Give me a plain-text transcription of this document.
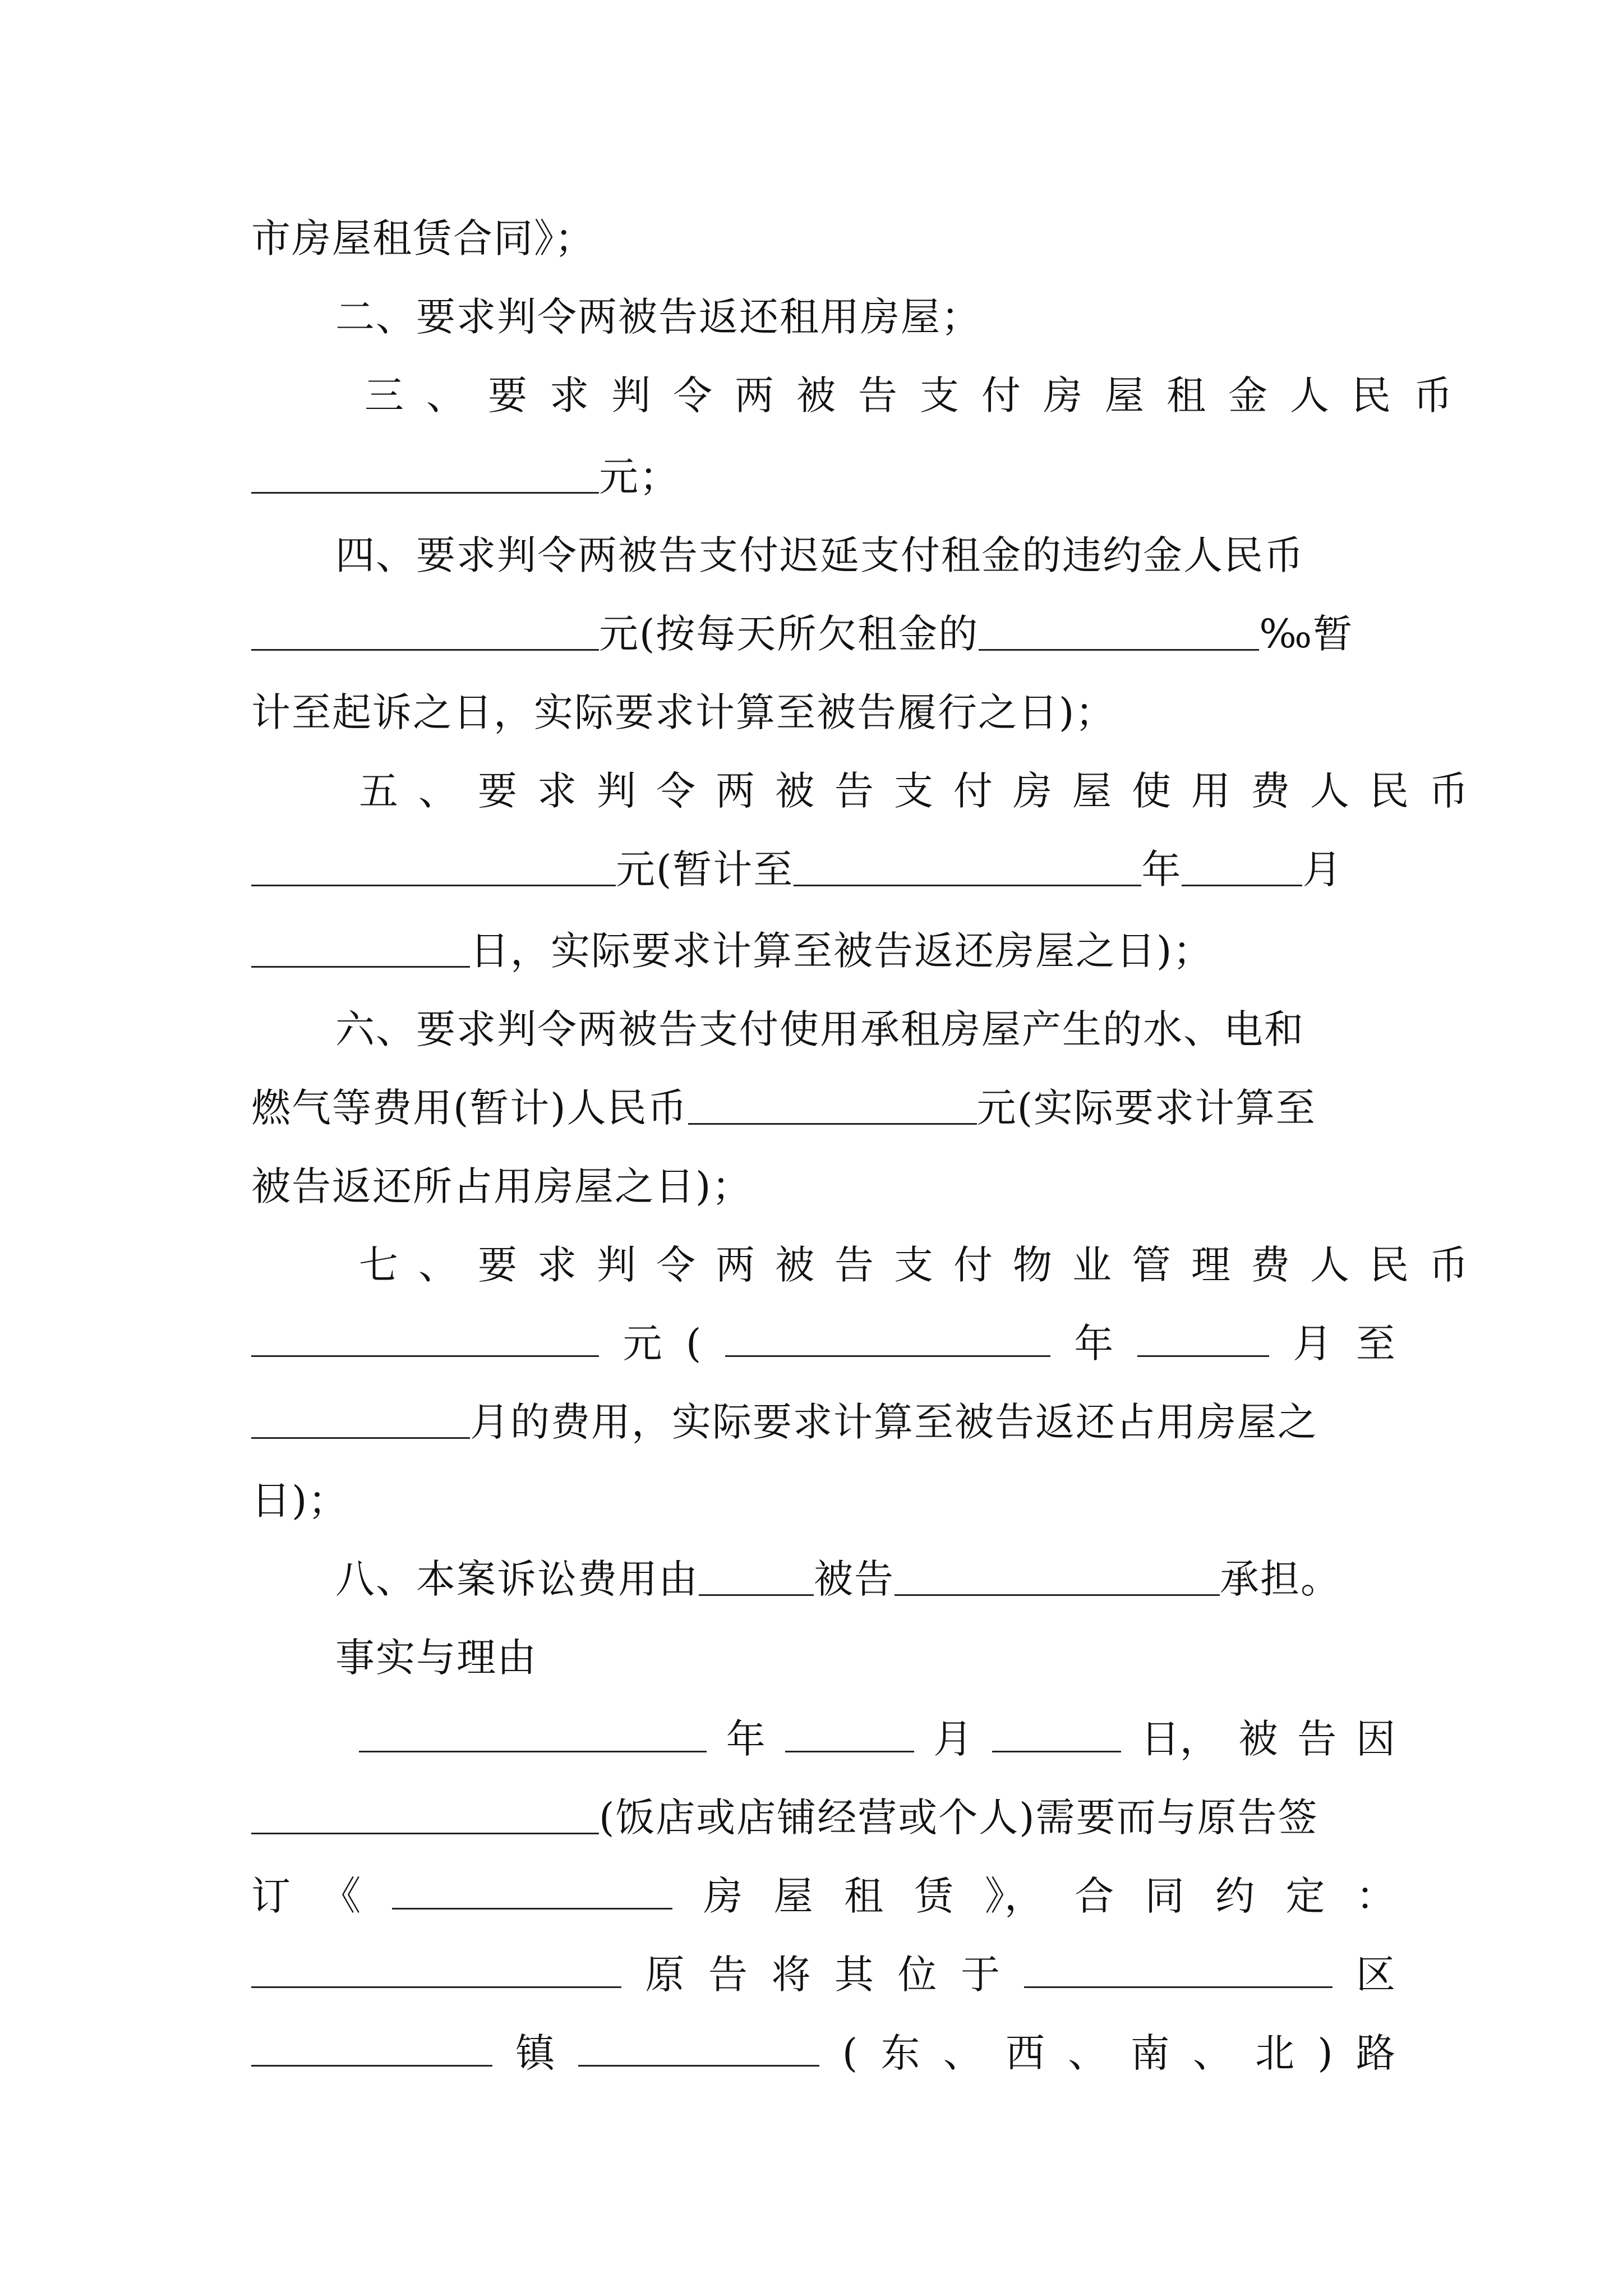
市房屋租赁合同》；
二、要求判令两被告返还租用房屋；
三、要求判令两被告支付房屋租金人民币
元；
四、要求判令两被告支付迟延支付租金的违约金人民币
元(按每天所欠租金的	‰暂
计至起诉之日，实际要求计算至被告履行之日)；
五、要求判令两被告支付房屋使用费人民币
元(暂计至	年	月
日，实际要求计算至被告返还房屋之日)；
六、要求判令两被告支付使用承租房屋产生的水、电和
燃气等费用(暂计)人民币	元(实际要求计算至
被告返还所占用房屋之日)；
七、要求判令两被告支付物业管理费人民币
元 (	年	月 至
月的费用，实际要求计算至被告返还占用房屋之
日)；
八、本案诉讼费用由	被告	承担。
事实与理由
年	月	日， 被 告 因
(饭店或店铺经营或个人)需要而与原告签
订 《	房 屋 租 赁 》， 合 同 约 定 ：
原 告 将 其 位 于	区
镇	( 东 、 西 、 南 、 北 ) 路
